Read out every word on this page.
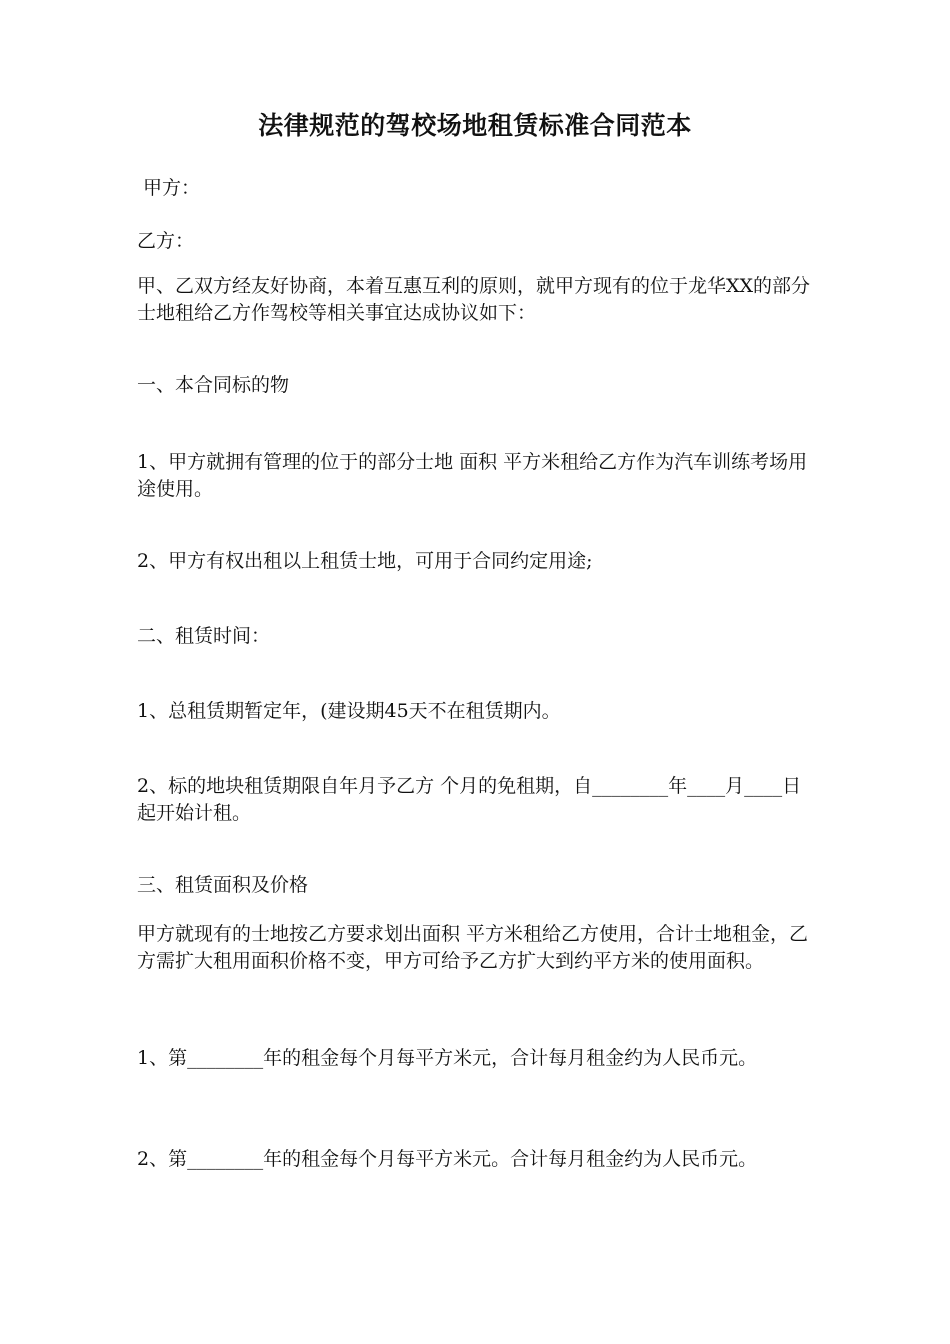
法律规范的驾校场地租赁标准合同范本

甲方：

乙方：

甲、乙双方经友好协商，本着互惠互利的原则，就甲方现有的位于龙华XX的部分士地租给乙方作驾校等相关事宜达成协议如下：

一、本合同标的物

1、甲方就拥有管理的位于的部分士地 面积 平方米租给乙方作为汽车训练考场用途使用。

2、甲方有权出租以上租赁士地，可用于合同约定用途;

二、租赁时间：

1、总租赁期暂定年，(建设期45天不在租赁期内。

2、标的地块租赁期限自年月予乙方 个月的免租期，自________年____月____日起开始计租。

三、租赁面积及价格

甲方就现有的士地按乙方要求划出面积 平方米租给乙方使用，合计士地租金，乙方需扩大租用面积价格不变，甲方可给予乙方扩大到约平方米的使用面积。

1、第________年的租金每个月每平方米元，合计每月租金约为人民币元。

2、第________年的租金每个月每平方米元。合计每月租金约为人民币元。
